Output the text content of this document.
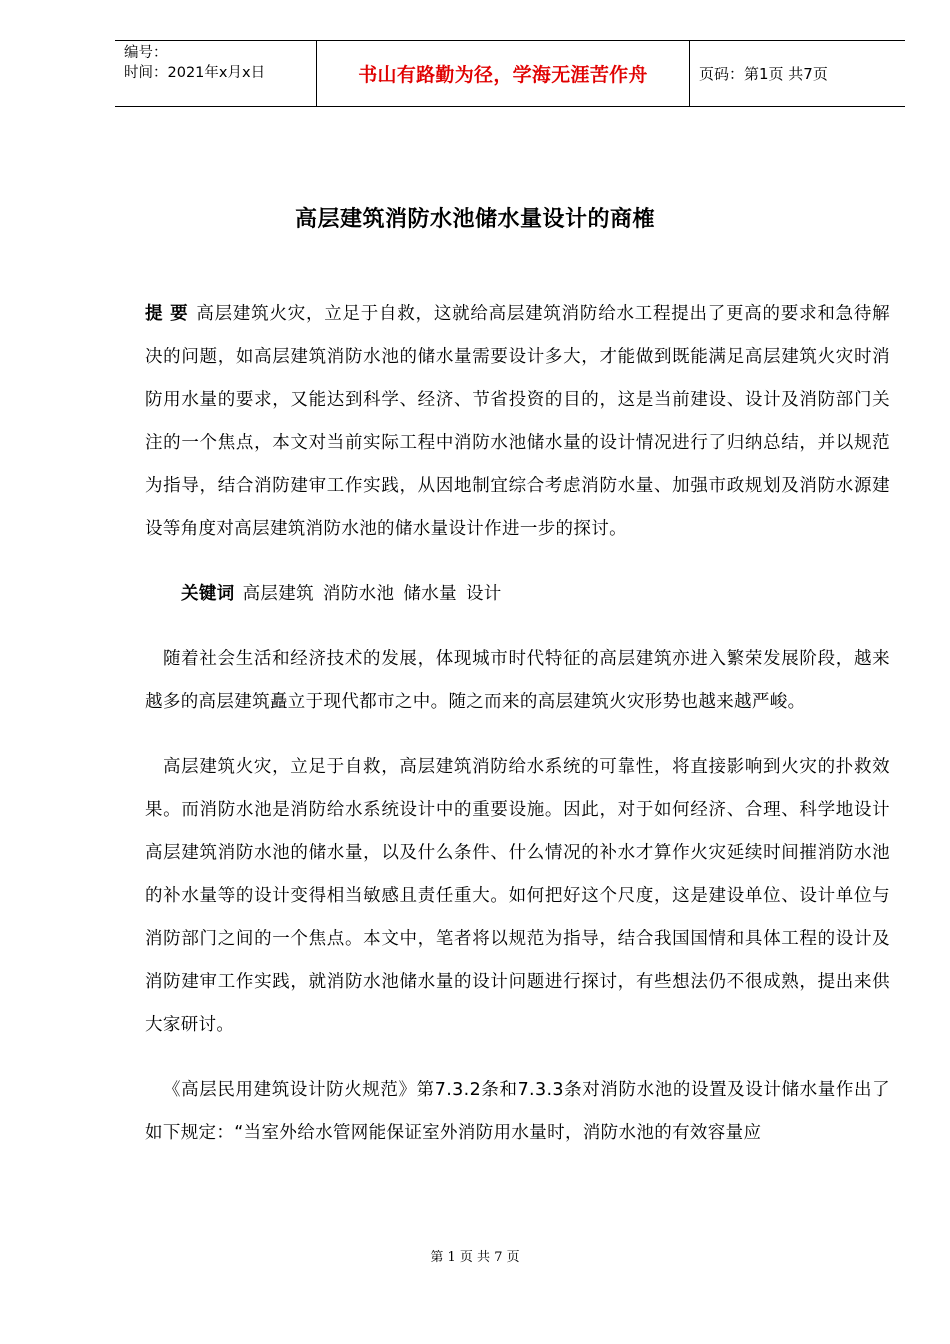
编号：
时间：2021年x月x日	书山有路勤为径，学海无涯苦作舟	页码：第1页 共7页
高层建筑消防水池储水量设计的商榷

提 要 高层建筑火灾，立足于自救，这就给高层建筑消防给水工程提出了更高的要求和急待解决的问题，如高层建筑消防水池的储水量需要设计多大，才能做到既能满足高层建筑火灾时消防用水量的要求，又能达到科学、经济、节省投资的目的，这是当前建设、设计及消防部门关注的一个焦点，本文对当前实际工程中消防水池储水量的设计情况进行了归纳总结，并以规范为指导，结合消防建审工作实践，从因地制宜综合考虑消防水量、加强市政规划及消防水源建设等角度对高层建筑消防水池的储水量设计作进一步的探讨。

关键词 高层建筑 消防水池 储水量 设计

随着社会生活和经济技术的发展，体现城市时代特征的高层建筑亦进入繁荣发展阶段，越来越多的高层建筑矗立于现代都市之中。随之而来的高层建筑火灾形势也越来越严峻。

高层建筑火灾，立足于自救，高层建筑消防给水系统的可靠性，将直接影响到火灾的扑救效果。而消防水池是消防给水系统设计中的重要设施。因此，对于如何经济、合理、科学地设计高层建筑消防水池的储水量，以及什么条件、什么情况的补水才算作火灾延续时间摧消防水池的补水量等的设计变得相当敏感且责任重大。如何把好这个尺度，这是建设单位、设计单位与消防部门之间的一个焦点。本文中，笔者将以规范为指导，结合我国国情和具体工程的设计及消防建审工作实践，就消防水池储水量的设计问题进行探讨，有些想法仍不很成熟，提出来供大家研讨。

《高层民用建筑设计防火规范》第7.3.2条和7.3.3条对消防水池的设置及设计储水量作出了如下规定：“当室外给水管网能保证室外消防用水量时，消防水池的有效容量应

第 1 页 共 7 页
